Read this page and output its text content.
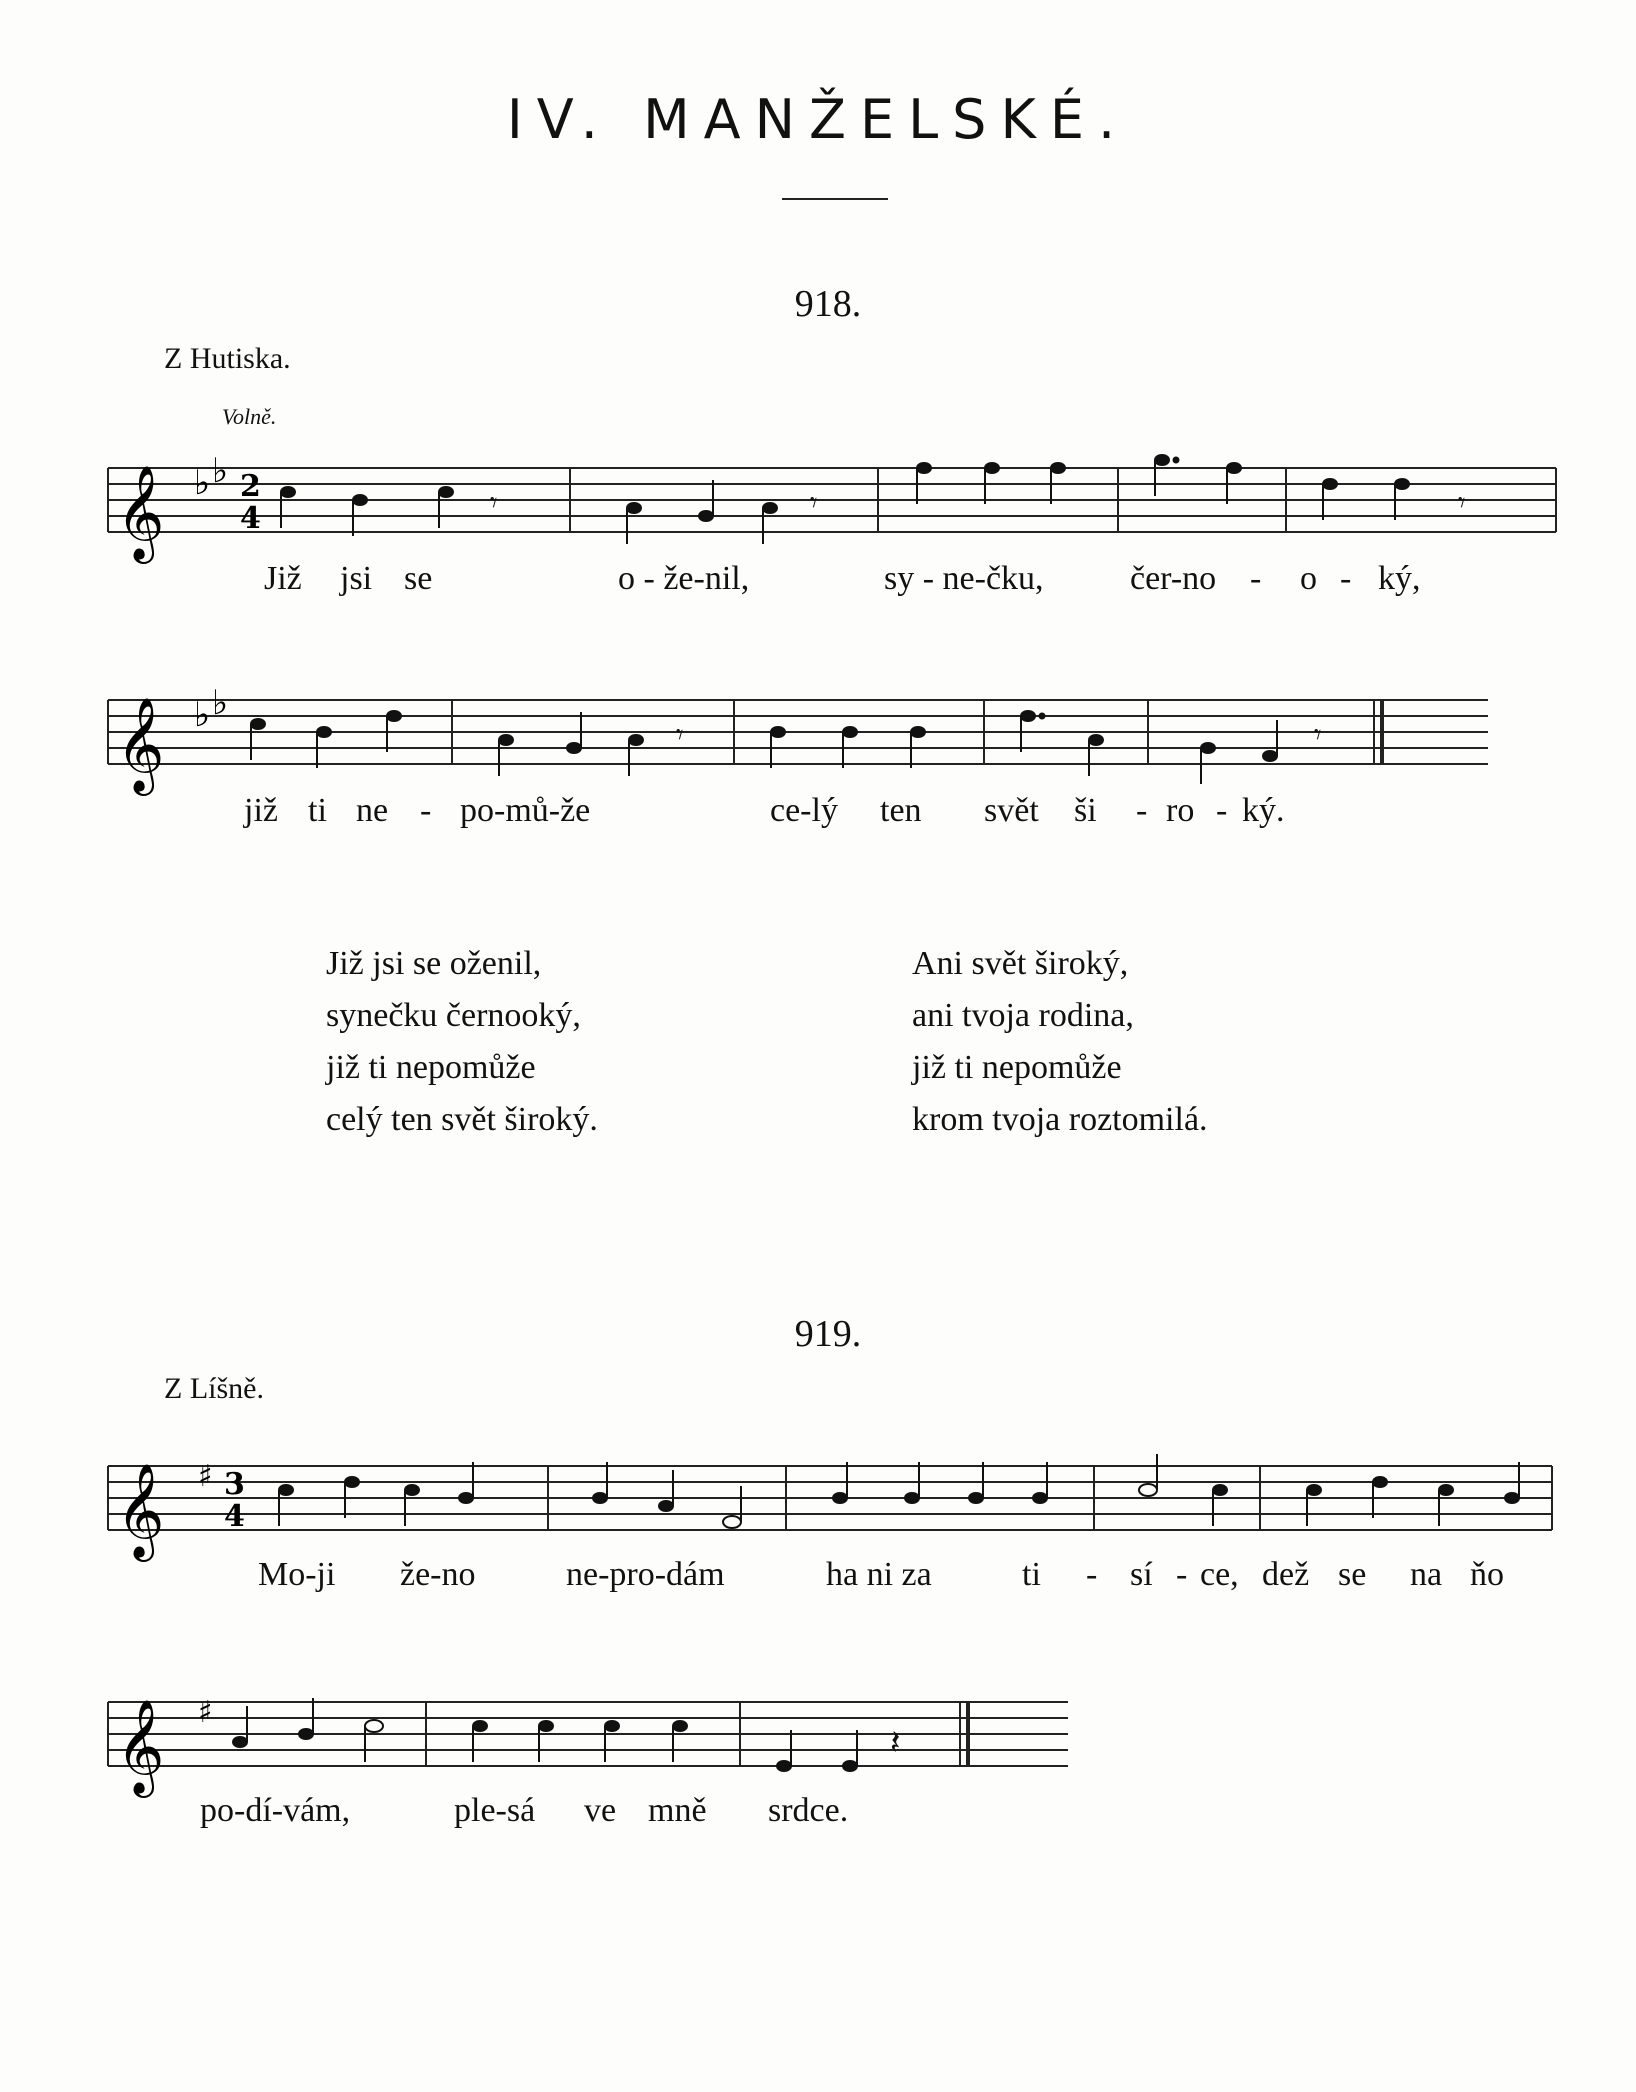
IV. MANŽELSKÉ.
918.
Z Hutiska.
Volně.
𝄞 ♭ ♭ 2
4	𝄾	𝄾	𝄾
Již jsi se	o - že-nil,	sy - ne-čku,	čer-no - o - ký,
𝄞 ♭ ♭
𝄾	𝄾
již ti ne - po-mů-že	ce-lý ten svět ši - ro - ký.
Již jsi se oženil,
synečku černooký,
již ti nepomůže
celý ten svět široký.
Ani svět široký,
ani tvoja rodina,
již ti nepomůže
krom tvoja roztomilá.
919.
Z Líšně.
𝄞 ♯ 3
4
Mo-ji že-no	ne-pro-dám	ha ni za	ti - sí - ce, dež se na ňo
𝄞 ♯
𝄽
po-dí-vám,	ple-sá ve mně srdce.
